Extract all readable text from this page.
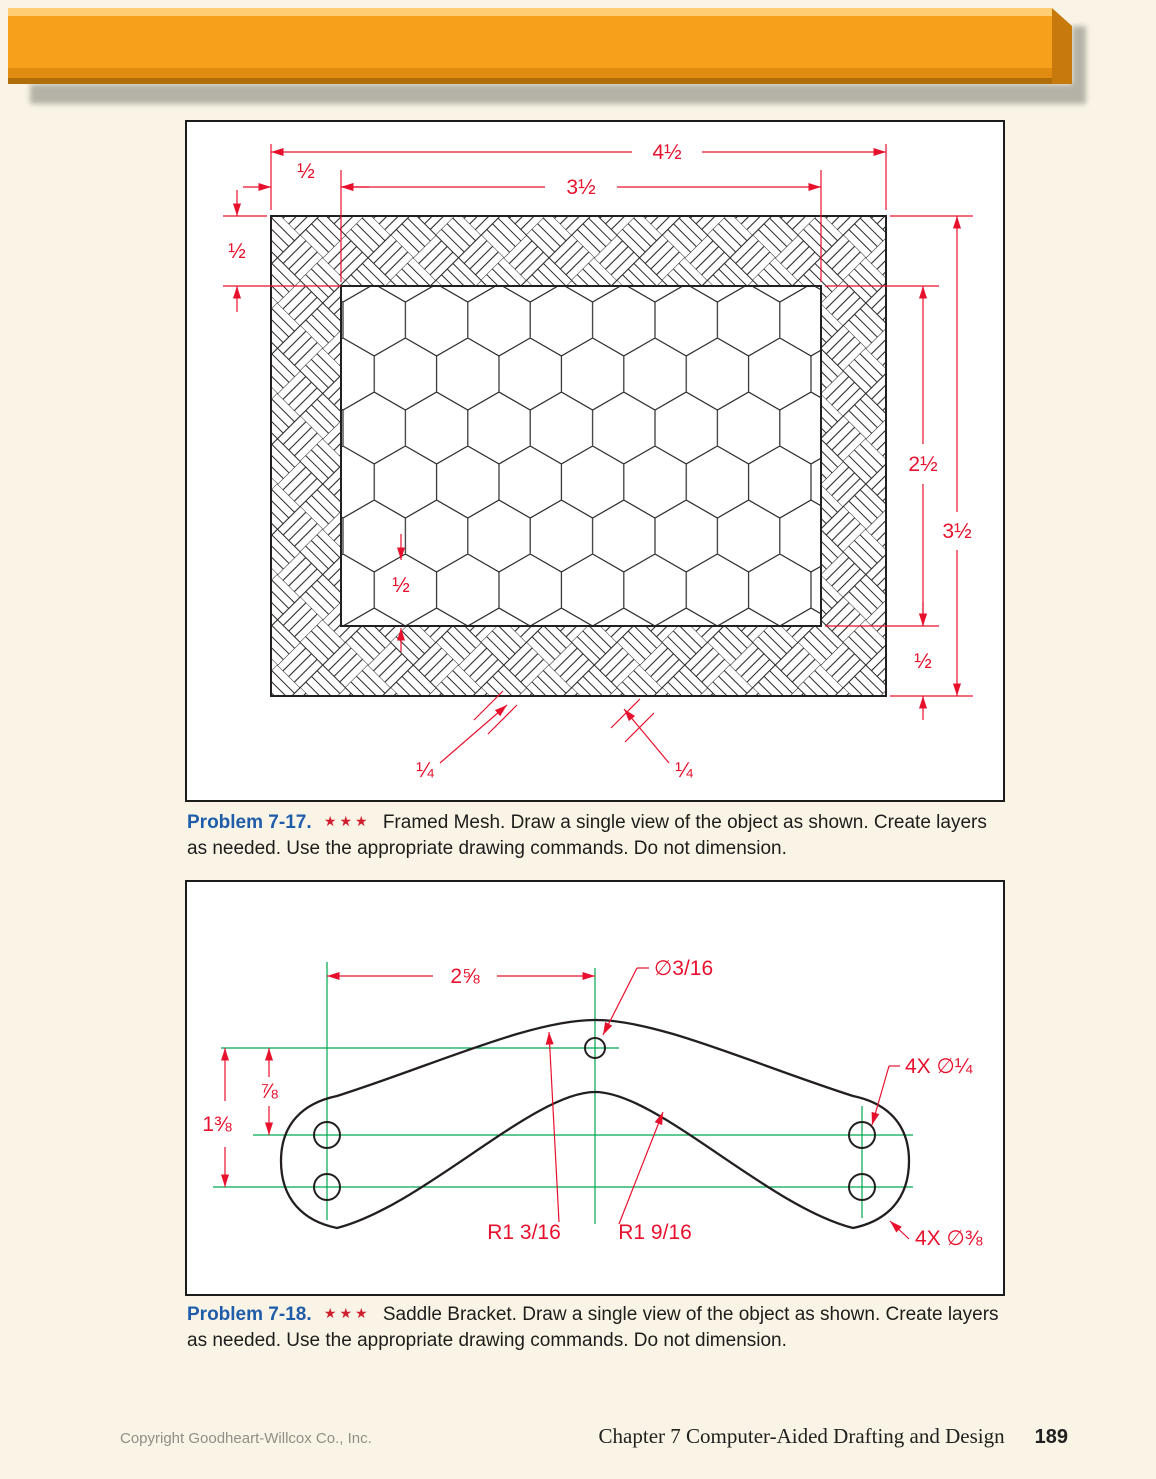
4½
3½
½
½
2½
3½
½
½
¼	¼
Problem 7-17. ★★★ Framed Mesh. Draw a single view of the object as shown. Create layers as needed. Use the appropriate drawing commands. Do not dimension.
2⅝	∅3/16
4X ∅¼
1⅜
⅞
R1 3/16	R1 9/16	4X ∅⅜
Problem 7-18. ★★★ Saddle Bracket. Draw a single view of the object as shown. Create layers as needed. Use the appropriate drawing commands. Do not dimension.
Copyright Goodheart-Willcox Co., Inc.	Chapter 7 Computer-Aided Drafting and Design 189
